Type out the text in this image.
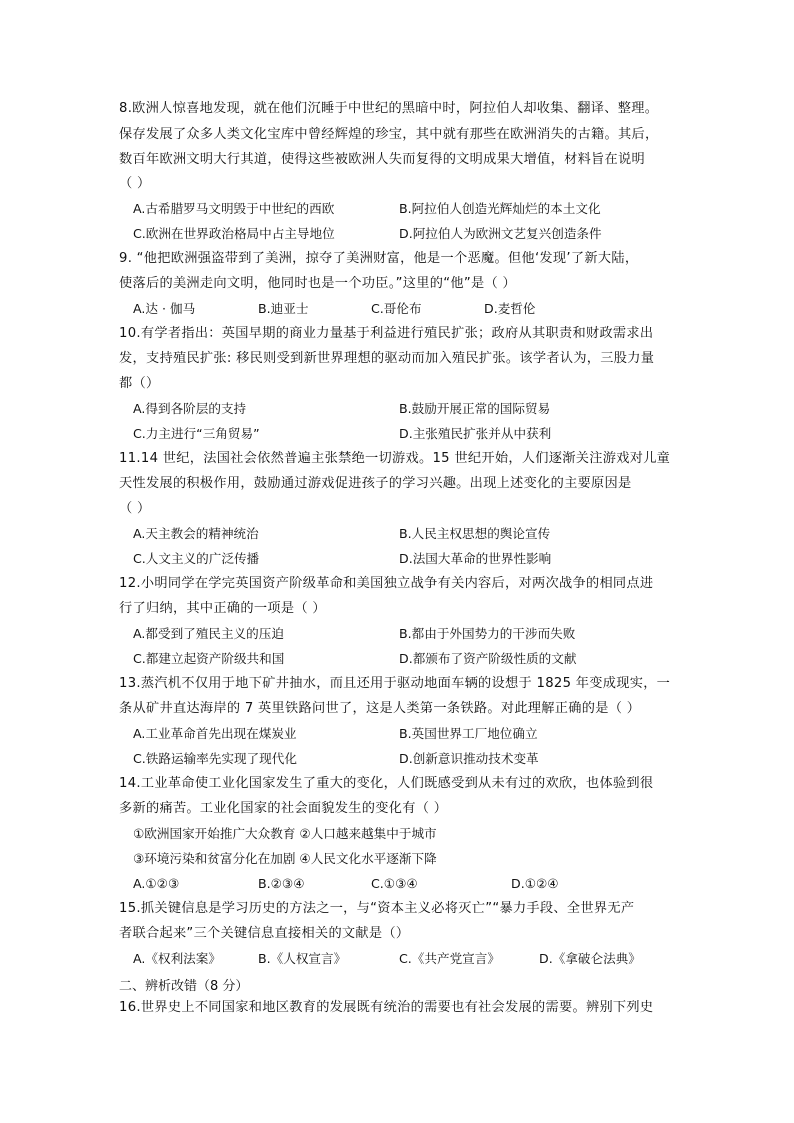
8.欧洲人惊喜地发现，就在他们沉睡于中世纪的黑暗中时，阿拉伯人却收集、翻译、整理。
保存发展了众多人类文化宝库中曾经辉煌的珍宝，其中就有那些在欧洲消失的古籍。其后，
数百年欧洲文明大行其道，使得这些被欧洲人失而复得的文明成果大增值，材料旨在说明
（ ）
A.古希腊罗马文明毁于中世纪的西欧	B.阿拉伯人创造光辉灿烂的本土文化
C.欧洲在世界政治格局中占主导地位	D.阿拉伯人为欧洲文艺复兴创造条件
9. “他把欧洲强盗带到了美洲，掠夺了美洲财富，他是一个恶魔。但他‘发现’了新大陆，
使落后的美洲走向文明，他同时也是一个功臣。”这里的“他”是（ ）
A.达 · 伽马	B.迪亚士	C.哥伦布	D.麦哲伦
10.有学者指出：英国早期的商业力量基于利益进行殖民扩张；政府从其职责和财政需求出
发，支持殖民扩张: 移民则受到新世界理想的驱动而加入殖民扩张。该学者认为，三股力量
都（）
A.得到各阶层的支持	B.鼓励开展正常的国际贸易
C.力主进行“三角贸易”	D.主张殖民扩张并从中获利
11.14 世纪，法国社会依然普遍主张禁绝一切游戏。15 世纪开始，人们逐渐关注游戏对儿童
天性发展的积极作用，鼓励通过游戏促进孩子的学习兴趣。出现上述变化的主要原因是
（ ）
A.天主教会的精神统治	B.人民主权思想的舆论宣传
C.人文主义的广泛传播	D.法国大革命的世界性影响
12.小明同学在学完英国资产阶级革命和美国独立战争有关内容后，对两次战争的相同点进
行了归纳，其中正确的一项是（ ）
A.都受到了殖民主义的压迫	B.都由于外国势力的干涉而失败
C.都建立起资产阶级共和国	D.都颁布了资产阶级性质的文献
13.蒸汽机不仅用于地下矿井抽水，而且还用于驱动地面车辆的设想于 1825 年变成现实，一
条从矿井直达海岸的 7 英里铁路问世了，这是人类第一条铁路。对此理解正确的是（ ）
A.工业革命首先出现在煤炭业	B.英国世界工厂地位确立
C.铁路运输率先实现了现代化	D.创新意识推动技术变革
14.工业革命使工业化国家发生了重大的变化，人们既感受到从未有过的欢欣，也体验到很
多新的痛苦。工业化国家的社会面貌发生的变化有（ ）
①欧洲国家开始推广大众教育 ②人口越来越集中于城市
③环境污染和贫富分化在加剧 ④人民文化水平逐渐下降
A.①②③	B.②③④	C.①③④	D.①②④
15.抓关键信息是学习历史的方法之一，与“资本主义必将灭亡”“暴力手段、全世界无产
者联合起来”三个关键信息直接相关的文献是（）
A.《权利法案》	B.《人权宣言》	C.《共产党宣言》	D.《拿破仑法典》
二、辨析改错（8 分）
16.世界史上不同国家和地区教育的发展既有统治的需要也有社会发展的需要。辨别下列史
